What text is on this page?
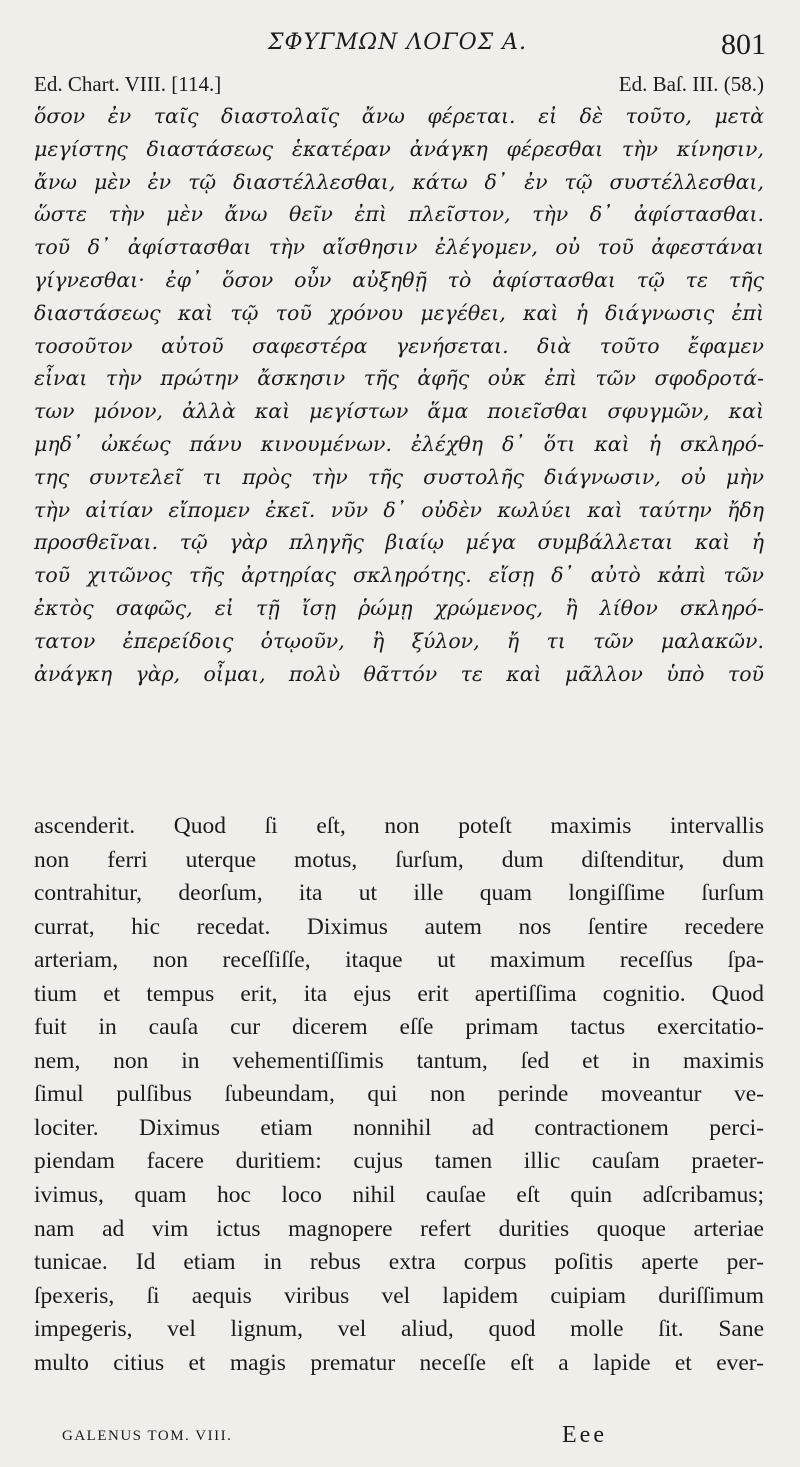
ΣΦΥΓΜΩΝ ΛΟΓΟΣ Α.	801
Ed. Chart. VIII. [114.]	Ed. Baſ. III. (58.)
ὅσον ἐν ταῖς διαστολαῖς ἄνω φέρεται. εἰ δὲ τοῦτο, μετὰ
μεγίστης διαστάσεως ἑκατέραν ἀνάγκη φέρεσθαι τὴν κίνησιν,
ἄνω μὲν ἐν τῷ διαστέλλεσθαι, κάτω δ᾽ ἐν τῷ συστέλλεσθαι,
ὥστε τὴν μὲν ἄνω θεῖν ἐπὶ πλεῖστον, τὴν δ᾽ ἀφίστασθαι.
τοῦ δ᾽ ἀφίστασθαι τὴν αἴσθησιν ἐλέγομεν, οὐ τοῦ ἀφεστάναι
γίγνεσθαι· ἐφ᾽ ὅσον οὖν αὐξηθῇ τὸ ἀφίστασθαι τῷ τε τῆς
διαστάσεως καὶ τῷ τοῦ χρόνου μεγέθει, καὶ ἡ διάγνωσις ἐπὶ
τοσοῦτον αὐτοῦ σαφεστέρα γενήσεται. διὰ τοῦτο ἔφαμεν
εἶναι τὴν πρώτην ἄσκησιν τῆς ἀφῆς οὐκ ἐπὶ τῶν σφοδροτά-
των μόνον, ἀλλὰ καὶ μεγίστων ἅμα ποιεῖσθαι σφυγμῶν, καὶ
μηδ᾽ ὠκέως πάνυ κινουμένων. ἐλέχθη δ᾽ ὅτι καὶ ἡ σκληρό-
της συντελεῖ τι πρὸς τὴν τῆς συστολῆς διάγνωσιν, οὐ μὴν
τὴν αἰτίαν εἴπομεν ἐκεῖ. νῦν δ᾽ οὐδὲν κωλύει καὶ ταύτην ἤδη
προσθεῖναι. τῷ γὰρ πληγῆς βιαίῳ μέγα συμβάλλεται καὶ ἡ
τοῦ χιτῶνος τῆς ἀρτηρίας σκληρότης. εἴσῃ δ᾽ αὐτὸ κἀπὶ τῶν
ἐκτὸς σαφῶς, εἰ τῇ ἴσῃ ῥώμῃ χρώμενος, ἢ λίθον σκληρό-
τατον ἐπερείδοις ὁτῳοῦν, ἢ ξύλον, ἤ τι τῶν μαλακῶν.
ἀνάγκη γὰρ, οἶμαι, πολὺ θᾶττόν τε καὶ μᾶλλον ὑπὸ τοῦ
ascenderit. Quod ſi eſt, non poteſt maximis intervallis
non ferri uterque motus, ſurſum, dum diſtenditur, dum
contrahitur, deorſum, ita ut ille quam longiſſime ſurſum
currat, hic recedat. Diximus autem nos ſentire recedere
arteriam, non receſſiſſe, itaque ut maximum receſſus ſpa-
tium et tempus erit, ita ejus erit apertiſſima cognitio. Quod
fuit in cauſa cur dicerem eſſe primam tactus exercitatio-
nem, non in vehementiſſimis tantum, ſed et in maximis
ſimul pulſibus ſubeundam, qui non perinde moveantur ve-
lociter. Diximus etiam nonnihil ad contractionem perci-
piendam facere duritiem: cujus tamen illic cauſam praeter-
ivimus, quam hoc loco nihil cauſae eſt quin adſcribamus;
nam ad vim ictus magnopere refert durities quoque arteriae
tunicae. Id etiam in rebus extra corpus poſitis aperte per-
ſpexeris, ſi aequis viribus vel lapidem cuipiam duriſſimum
impegeris, vel lignum, vel aliud, quod molle ſit. Sane
multo citius et magis prematur neceſſe eſt a lapide et ever-
GALENUS TOM. VIII.	Eee
